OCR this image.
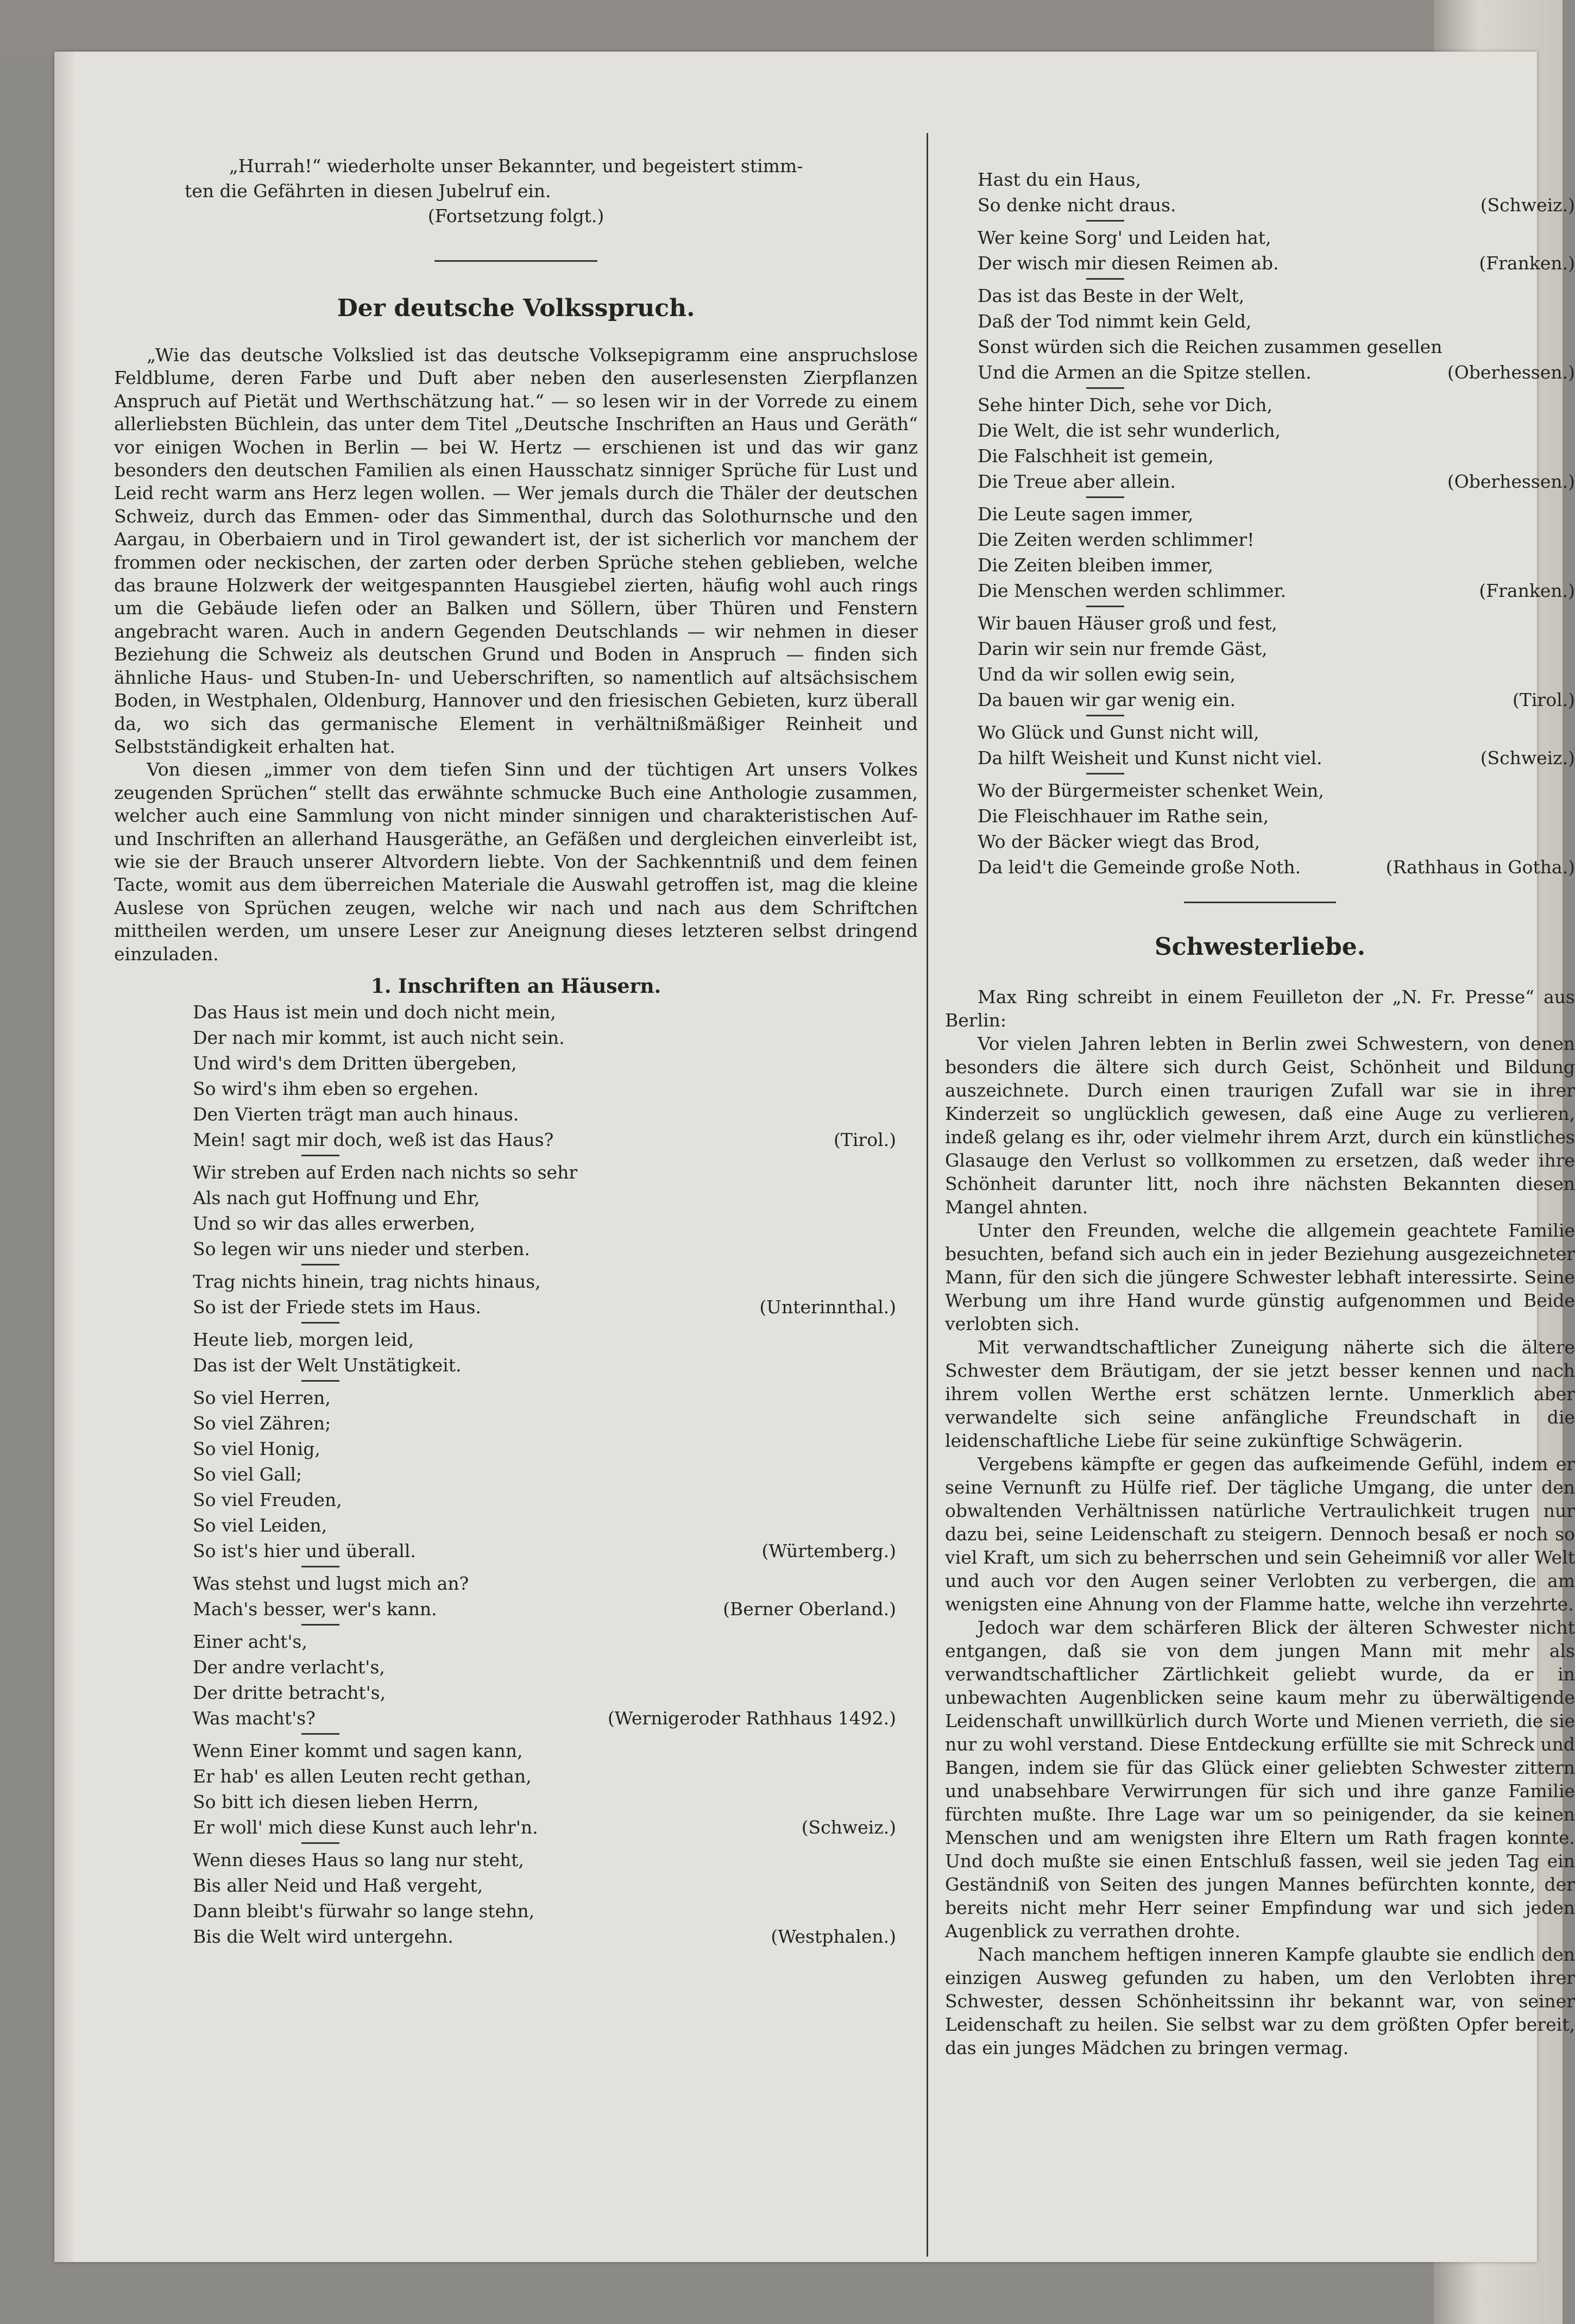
„Hurrah!“ wiederholte unser Bekannter, und begeistert stimm-

ten die Gefährten in diesen Jubelruf ein.

(Fortsetzung folgt.)

Der deutsche Volksspruch.

„Wie das deutsche Volkslied ist das deutsche Volksepigramm eine anspruchslose Feldblume, deren Farbe und Duft aber neben den auserlesensten Zierpflanzen Anspruch auf Pietät und Werthschätzung hat.“ — so lesen wir in der Vorrede zu einem allerliebsten Büchlein, das unter dem Titel „Deutsche Inschriften an Haus und Geräth“ vor einigen Wochen in Berlin — bei W. Hertz — erschienen ist und das wir ganz besonders den deutschen Familien als einen Hausschatz sinniger Sprüche für Lust und Leid recht warm ans Herz legen wollen. — Wer jemals durch die Thäler der deutschen Schweiz, durch das Emmen- oder das Simmenthal, durch das Solothurnsche und den Aargau, in Oberbaiern und in Tirol gewandert ist, der ist sicherlich vor manchem der frommen oder neckischen, der zarten oder derben Sprüche stehen geblieben, welche das braune Holzwerk der weitgespannten Hausgiebel zierten, häufig wohl auch rings um die Gebäude liefen oder an Balken und Söllern, über Thüren und Fenstern angebracht waren. Auch in andern Gegenden Deutschlands — wir nehmen in dieser Beziehung die Schweiz als deutschen Grund und Boden in Anspruch — finden sich ähnliche Haus- und Stuben-In- und Ueberschriften, so namentlich auf altsächsischem Boden, in Westphalen, Oldenburg, Hannover und den friesischen Gebieten, kurz überall da, wo sich das germanische Element in verhältnißmäßiger Reinheit und Selbstständigkeit erhalten hat.

Von diesen „immer von dem tiefen Sinn und der tüchtigen Art unsers Volkes zeugenden Sprüchen“ stellt das erwähnte schmucke Buch eine Anthologie zusammen, welcher auch eine Sammlung von nicht minder sinnigen und charakteristischen Auf- und Inschriften an allerhand Hausgeräthe, an Gefäßen und dergleichen einverleibt ist, wie sie der Brauch unserer Altvordern liebte. Von der Sachkenntniß und dem feinen Tacte, womit aus dem überreichen Materiale die Auswahl getroffen ist, mag die kleine Auslese von Sprüchen zeugen, welche wir nach und nach aus dem Schriftchen mittheilen werden, um unsere Leser zur Aneignung dieses letzteren selbst dringend einzuladen.

1. Inschriften an Häusern.

Das Haus ist mein und doch nicht mein,
Der nach mir kommt, ist auch nicht sein.
Und wird's dem Dritten übergeben,
So wird's ihm eben so ergehen.
Den Vierten trägt man auch hinaus.
Mein! sagt mir doch, weß ist das Haus?	(Tirol.)
Wir streben auf Erden nach nichts so sehr
Als nach gut Hoffnung und Ehr,
Und so wir das alles erwerben,
So legen wir uns nieder und sterben.
Trag nichts hinein, trag nichts hinaus,
So ist der Friede stets im Haus.	(Unterinnthal.)
Heute lieb, morgen leid,
Das ist der Welt Unstätigkeit.
So viel Herren,
So viel Zähren;
So viel Honig,
So viel Gall;
So viel Freuden,
So viel Leiden,
So ist's hier und überall.	(Würtemberg.)
Was stehst und lugst mich an?
Mach's besser, wer's kann.	(Berner Oberland.)
Einer acht's,
Der andre verlacht's,
Der dritte betracht's,
Was macht's?	(Wernigeroder Rathhaus 1492.)
Wenn Einer kommt und sagen kann,
Er hab' es allen Leuten recht gethan,
So bitt ich diesen lieben Herrn,
Er woll' mich diese Kunst auch lehr'n.	(Schweiz.)
Wenn dieses Haus so lang nur steht,
Bis aller Neid und Haß vergeht,
Dann bleibt's fürwahr so lange stehn,
Bis die Welt wird untergehn.	(Westphalen.)
Hast du ein Haus,
So denke nicht draus.	(Schweiz.)
Wer keine Sorg' und Leiden hat,
Der wisch mir diesen Reimen ab.	(Franken.)
Das ist das Beste in der Welt,
Daß der Tod nimmt kein Geld,
Sonst würden sich die Reichen zusammen gesellen
Und die Armen an die Spitze stellen.	(Oberhessen.)
Sehe hinter Dich, sehe vor Dich,
Die Welt, die ist sehr wunderlich,
Die Falschheit ist gemein,
Die Treue aber allein.	(Oberhessen.)
Die Leute sagen immer,
Die Zeiten werden schlimmer!
Die Zeiten bleiben immer,
Die Menschen werden schlimmer.	(Franken.)
Wir bauen Häuser groß und fest,
Darin wir sein nur fremde Gäst,
Und da wir sollen ewig sein,
Da bauen wir gar wenig ein.	(Tirol.)
Wo Glück und Gunst nicht will,
Da hilft Weisheit und Kunst nicht viel.	(Schweiz.)
Wo der Bürgermeister schenket Wein,
Die Fleischhauer im Rathe sein,
Wo der Bäcker wiegt das Brod,
Da leid't die Gemeinde große Noth.	(Rathhaus in Gotha.)
Schwesterliebe.

Max Ring schreibt in einem Feuilleton der „N. Fr. Presse“ aus Berlin:

Vor vielen Jahren lebten in Berlin zwei Schwestern, von denen besonders die ältere sich durch Geist, Schönheit und Bildung auszeichnete. Durch einen traurigen Zufall war sie in ihrer Kinderzeit so unglücklich gewesen, daß eine Auge zu verlieren, indeß gelang es ihr, oder vielmehr ihrem Arzt, durch ein künstliches Glasauge den Verlust so vollkommen zu ersetzen, daß weder ihre Schönheit darunter litt, noch ihre nächsten Bekannten diesen Mangel ahnten.

Unter den Freunden, welche die allgemein geachtete Familie besuchten, befand sich auch ein in jeder Beziehung ausgezeichneter Mann, für den sich die jüngere Schwester lebhaft interessirte. Seine Werbung um ihre Hand wurde günstig aufgenommen und Beide verlobten sich.

Mit verwandtschaftlicher Zuneigung näherte sich die ältere Schwester dem Bräutigam, der sie jetzt besser kennen und nach ihrem vollen Werthe erst schätzen lernte. Unmerklich aber verwandelte sich seine anfängliche Freundschaft in die leidenschaftliche Liebe für seine zukünftige Schwägerin.

Vergebens kämpfte er gegen das aufkeimende Gefühl, indem er seine Vernunft zu Hülfe rief. Der tägliche Umgang, die unter den obwaltenden Verhältnissen natürliche Vertraulichkeit trugen nur dazu bei, seine Leidenschaft zu steigern. Dennoch besaß er noch so viel Kraft, um sich zu beherrschen und sein Geheimniß vor aller Welt und auch vor den Augen seiner Verlobten zu verbergen, die am wenigsten eine Ahnung von der Flamme hatte, welche ihn verzehrte.

Jedoch war dem schärferen Blick der älteren Schwester nicht entgangen, daß sie von dem jungen Mann mit mehr als verwandtschaftlicher Zärtlichkeit geliebt wurde, da er in unbewachten Augenblicken seine kaum mehr zu überwältigende Leidenschaft unwillkürlich durch Worte und Mienen verrieth, die sie nur zu wohl verstand. Diese Entdeckung erfüllte sie mit Schreck und Bangen, indem sie für das Glück einer geliebten Schwester zittern und unabsehbare Verwirrungen für sich und ihre ganze Familie fürchten mußte. Ihre Lage war um so peinigender, da sie keinen Menschen und am wenigsten ihre Eltern um Rath fragen konnte. Und doch mußte sie einen Entschluß fassen, weil sie jeden Tag ein Geständniß von Seiten des jungen Mannes befürchten konnte, der bereits nicht mehr Herr seiner Empfindung war und sich jeden Augenblick zu verrathen drohte.

Nach manchem heftigen inneren Kampfe glaubte sie endlich den einzigen Ausweg gefunden zu haben, um den Verlobten ihrer Schwester, dessen Schönheitssinn ihr bekannt war, von seiner Leidenschaft zu heilen. Sie selbst war zu dem größten Opfer bereit, das ein junges Mädchen zu bringen vermag.
